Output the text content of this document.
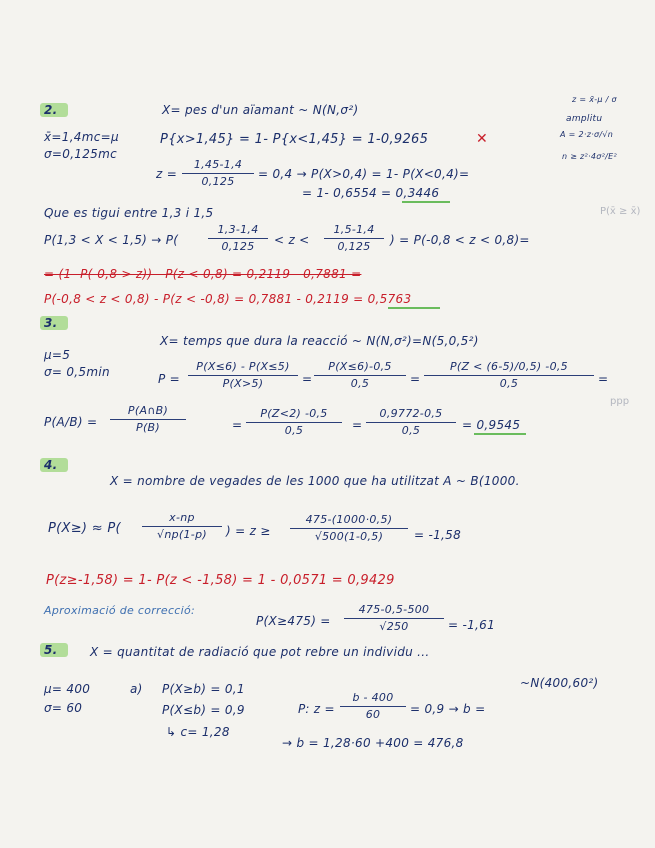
P(x̄ ≥ x̄)
ppp
z = x̄-μ / σ
amplitu
A = 2·z·σ/√n
n ≥ z²·4σ²/E²
2.	X= pes d'un aïamant ~ N(N,σ²)
x̄=1,4mc=μ
σ=0,125mc
P{x>1,45} = 1- P{x<1,45} = 1-0,9265	✕
z =
1,45-1,4
0,125
= 0,4 → P(X>0,4) = 1- P(X<0,4)=
= 1- 0,6554 = 0,3446
Que es tigui entre 1,3 i 1,5
P(1,3 < X < 1,5) → P(
1,3-1,4
0,125	< z <
1,5-1,4
0,125	) = P(-0,8 < z < 0,8)=
= (1- P(-0,8 > z)) - P(z < 0,8) = 0,2119 - 0,7881 =
P(-0,8 < z < 0,8) - P(z < -0,8) = 0,7881 - 0,2119 = 0,5763
3.
X= temps que dura la reacció ~ N(N,σ²)=N(5,0,5²)
μ=5
σ= 0,5min	P =
P(X≤6) - P(X≤5)
P(X>5)	=
P(X≤6)-0,5
0,5	=
P(Z < (6-5)/0,5) -0,5
0,5	=
P(A/B) =
P(A∩B)
P(B)	=
P(Z<2) -0,5
0,5	=
0,9772-0,5
0,5	= 0,9545
4.
X = nombre de vegades de les 1000 que ha utilitzat A ~ B(1000.
P(X≥) ≈ P(
x-np
√np(1-p)	) = z ≥
475-(1000·0,5)
√500(1-0,5)	= -1,58
P(z≥-1,58) = 1- P(z < -1,58) = 1 - 0,0571 = 0,9429
Aproximació de correcció:
P(X≥475) =
475-0,5-500
√250	= -1,61
5.	X = quantitat de radiació que pot rebre un individu ...
~N(400,60²)
μ= 400
σ= 60
a) P(X≥b) = 0,1
P(X≤b) = 0,9
↳ c= 1,28
P: z =
b - 400
60	= 0,9 → b =
→ b = 1,28·60 +400 = 476,8
